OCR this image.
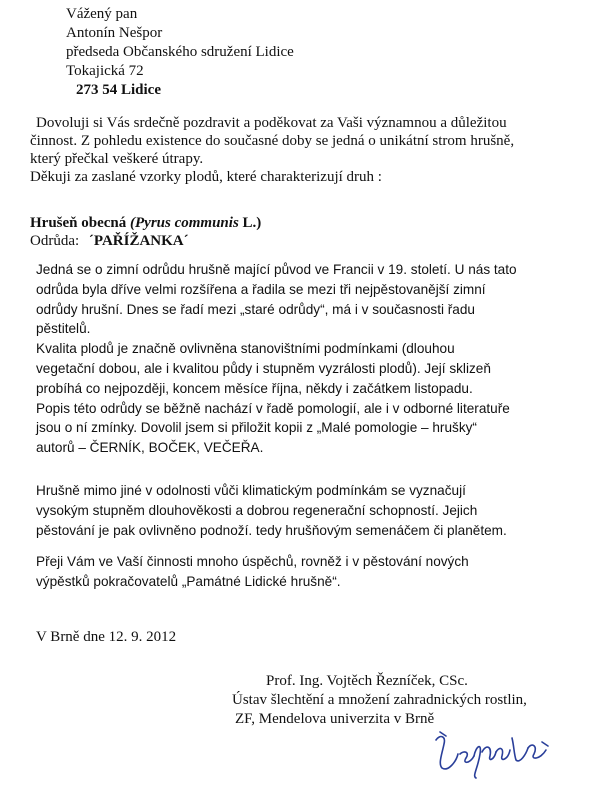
Vážený pan
Antonín Nešpor
předseda Občanského sdružení Lidice
Tokajická 72
273 54 Lidice
Dovoluji si Vás srdečně pozdravit a poděkovat za Vaši významnou a důležitou
činnost. Z pohledu existence do současné doby se jedná o unikátní strom hrušně,
který přečkal veškeré útrapy.
Děkuji za zaslané vzorky plodů, které charakterizují druh :
Hrušeň obecná (Pyrus communis L.)
Odrůda: ´PAŘÍŽANKA´
Jedná se o zimní odrůdu hrušně mající původ ve Francii v 19. století. U nás tato
odrůda byla dříve velmi rozšířena a řadila se mezi tři nejpěstovanější zimní
odrůdy hrušní. Dnes se řadí mezi „staré odrůdy“, má i v současnosti řadu
pěstitelů.
Kvalita plodů je značně ovlivněna stanovištními podmínkami (dlouhou
vegetační dobou, ale i kvalitou půdy i stupněm vyzrálosti plodů). Její sklizeň
probíhá co nejpozději, koncem měsíce října, někdy i začátkem listopadu.
Popis této odrůdy se běžně nachází v řadě pomologií, ale i v odborné literatuře
jsou o ní zmínky. Dovolil jsem si přiložit kopii z „Malé pomologie – hrušky“
autorů – ČERNÍK, BOČEK, VEČEŘA.
Hrušně mimo jiné v odolnosti vůči klimatickým podmínkám se vyznačují
vysokým stupněm dlouhověkosti a dobrou regenerační schopností. Jejich
pěstování je pak ovlivněno podnoží. tedy hrušňovým semenáčem či planětem.
Přeji Vám ve Vaší činnosti mnoho úspěchů, rovněž i v pěstování nových
výpěstků pokračovatelů „Památné Lidické hrušně“.
V Brně dne 12. 9. 2012
Prof. Ing. Vojtěch Řezníček, CSc.
Ústav šlechtění a množení zahradnických rostlin,
ZF, Mendelova univerzita v Brně
